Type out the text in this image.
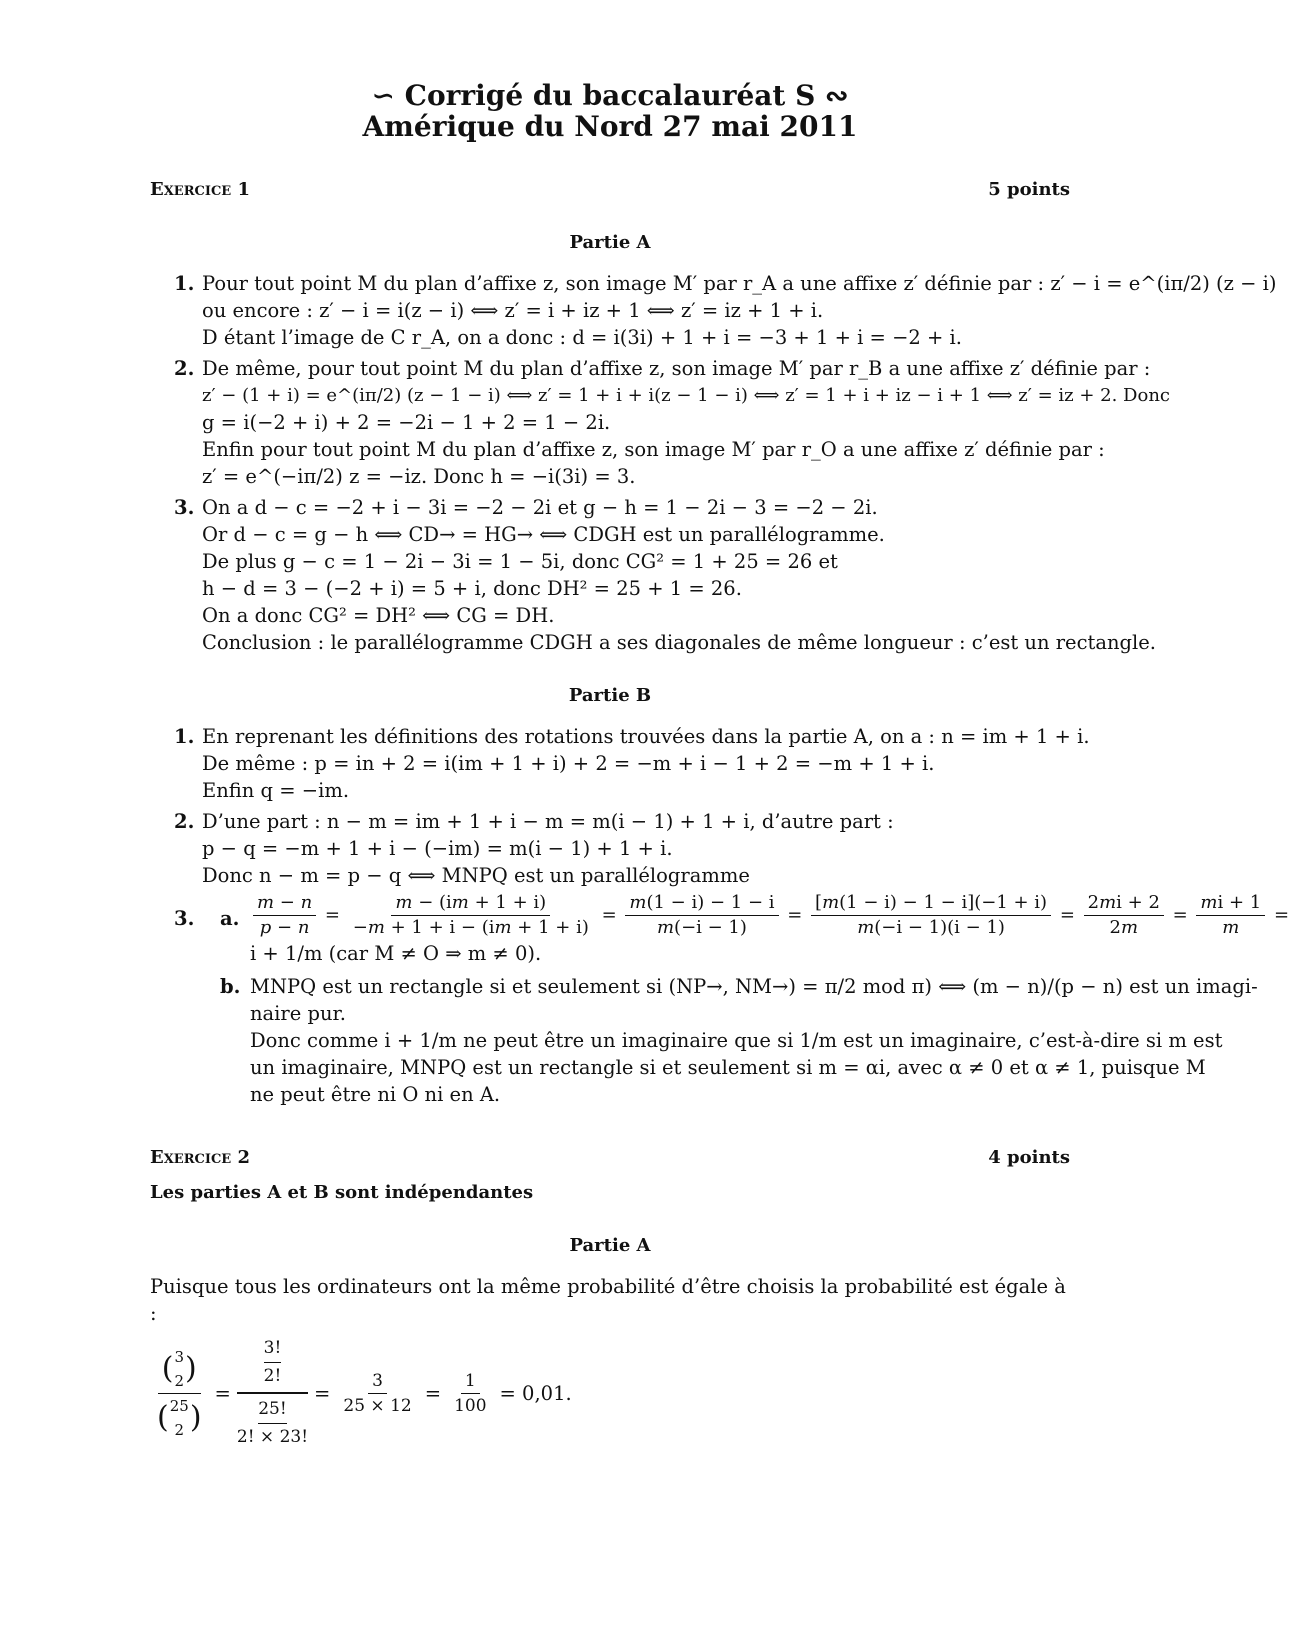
∽ Corrigé du baccalauréat S ∾

Amérique du Nord 27 mai 2011

Exercice 1	5 points
Partie A
1. Pour tout point M du plan d’affixe z, son image M′ par r_A a une affixe z′ définie par : z′ − i = e^(iπ/2) (z − i)
ou encore : z′ − i = i(z − i) ⟺ z′ = i + iz + 1 ⟺ z′ = iz + 1 + i.
D étant l’image de C r_A, on a donc : d = i(3i) + 1 + i = −3 + 1 + i = −2 + i.
2. De même, pour tout point M du plan d’affixe z, son image M′ par r_B a une affixe z′ définie par :
z′ − (1 + i) = e^(iπ/2) (z − 1 − i) ⟺ z′ = 1 + i + i(z − 1 − i) ⟺ z′ = 1 + i + iz − i + 1 ⟺ z′ = iz + 2. Donc
g = i(−2 + i) + 2 = −2i − 1 + 2 = 1 − 2i.
Enfin pour tout point M du plan d’affixe z, son image M′ par r_O a une affixe z′ définie par :
z′ = e^(−iπ/2) z = −iz. Donc h = −i(3i) = 3.
3. On a d − c = −2 + i − 3i = −2 − 2i et g − h = 1 − 2i − 3 = −2 − 2i.
Or d − c = g − h ⟺ CD→ = HG→ ⟺ CDGH est un parallélogramme.
De plus g − c = 1 − 2i − 3i = 1 − 5i, donc CG² = 1 + 25 = 26 et
h − d = 3 − (−2 + i) = 5 + i, donc DH² = 25 + 1 = 26.
On a donc CG² = DH² ⟺ CG = DH.
Conclusion : le parallélogramme CDGH a ses diagonales de même longueur : c’est un rectangle.
Partie B
1. En reprenant les définitions des rotations trouvées dans la partie A, on a : n = im + 1 + i.
De même : p = in + 2 = i(im + 1 + i) + 2 = −m + i − 1 + 2 = −m + 1 + i.
Enfin q = −im.
2. D’une part : n − m = im + 1 + i − m = m(i − 1) + 1 + i, d’autre part :
p − q = −m + 1 + i − (−im) = m(i − 1) + 1 + i.
Donc n − m = p − q ⟺ MNPQ est un parallélogramme
3. a. $\frac{m - n}{p - n} = \frac{m - (im + 1 + i)}{-m + 1 + i - (im + 1 + i)} = \frac{m(1 - i) - 1 - i}{m(-i - 1)} = \frac{[m(1 - i) - 1 - i](-1 + i)}{m(-i - 1)(i - 1)} = \frac{2mi + 2}{2m} = \frac{mi + 1}{m}$ =
i + 1/m (car M ≠ O ⇒ m ≠ 0).
b. MNPQ est un rectangle si et seulement si (NP→, NM→) = π/2 mod π) ⟺ (m − n)/(p − n) est un imagi-
naire pur.
Donc comme i + 1/m ne peut être un imaginaire que si 1/m est un imaginaire, c’est-à-dire si m est
un imaginaire, MNPQ est un rectangle si et seulement si m = αi, avec α ≠ 0 et α ≠ 1, puisque M
ne peut être ni O ni en A.
Exercice 2	4 points
Les parties A et B sont indépendantes
Partie A
Puisque tous les ordinateurs ont la même probabilité d’être choisis la probabilité est égale à :
( 3
2 )
( 25
2 ) =
3!
2!
25!
2! × 23!
= $\frac{3}{25 \times 12} = \frac{1}{100} = 0,01$.
